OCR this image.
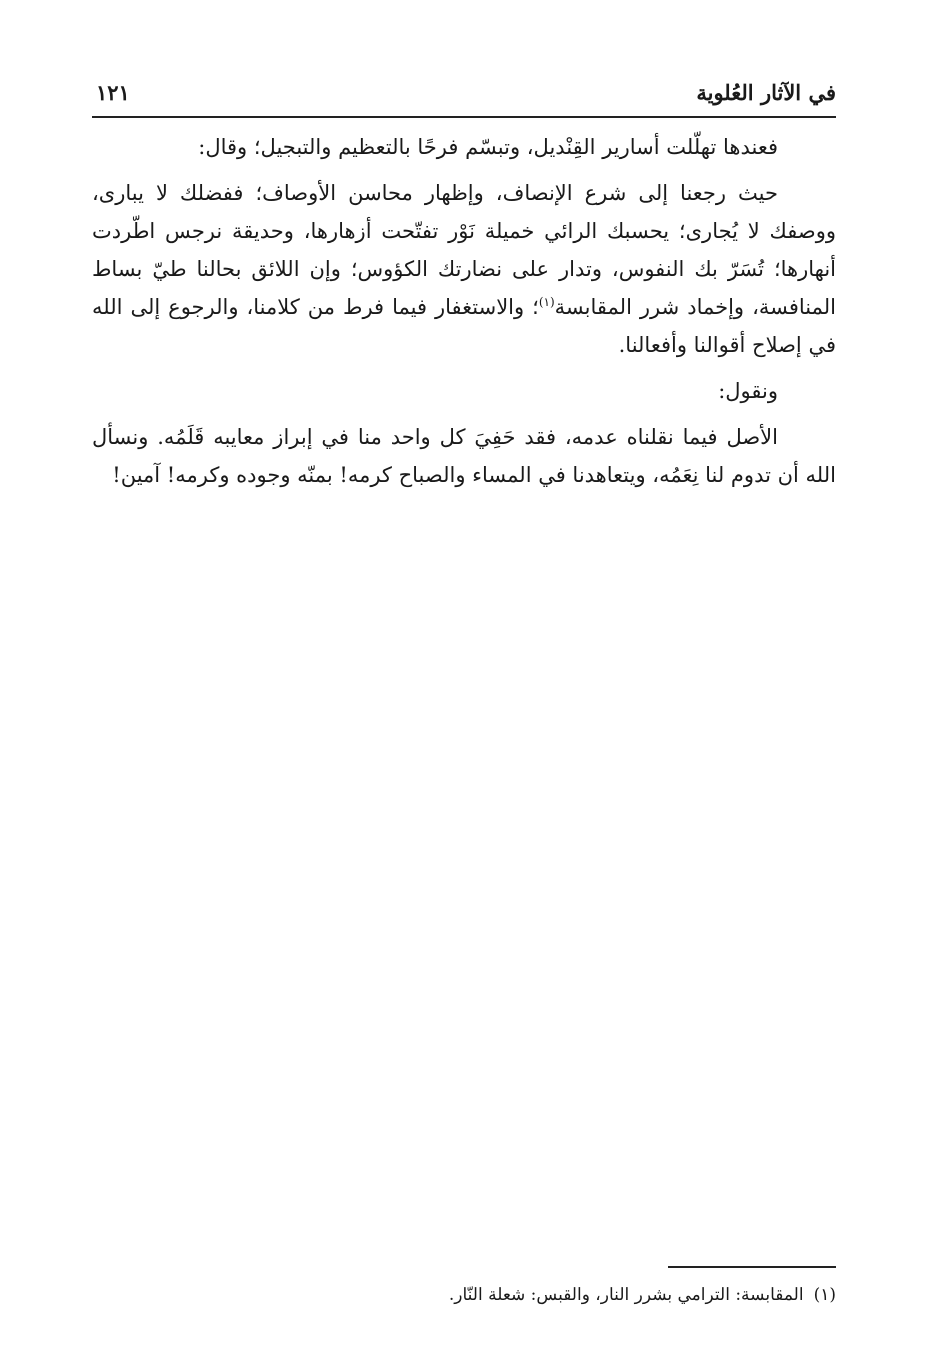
في الآثار العُلوية
١٢١

فعندها تهلّلت أسارير القِنْديل، وتبسّم فرحًا بالتعظيم والتبجيل؛ وقال:

حيث رجعنا إلى شرع الإنصاف، وإظهار محاسن الأوصاف؛ ففضلك لا يبارى، ووصفك لا يُجارى؛ يحسبك الرائي خميلة نَوْر تفتّحت أزهارها، وحديقة نرجس اطّردت أنهارها؛ تُسَرّ بك النفوس، وتدار على نضارتك الكؤوس؛ وإن اللائق بحالنا طيّ بساط المنافسة، وإخماد شرر المقابسة$^{(١)}$؛ والاستغفار فيما فرط من كلامنا، والرجوع إلى الله في إصلاح أقوالنا وأفعالنا.

ونقول:

الأصل فيما نقلناه عدمه، فقد حَفِيَ كل واحد منا في إبراز معايبه قَلَمُه. ونسأل الله أن تدوم لنا نِعَمُه، ويتعاهدنا في المساء والصباح كرمه! بمنّه وجوده وكرمه! آمين!

(١)المقابسة: الترامي بشرر النار، والقبس: شعلة النّار.
